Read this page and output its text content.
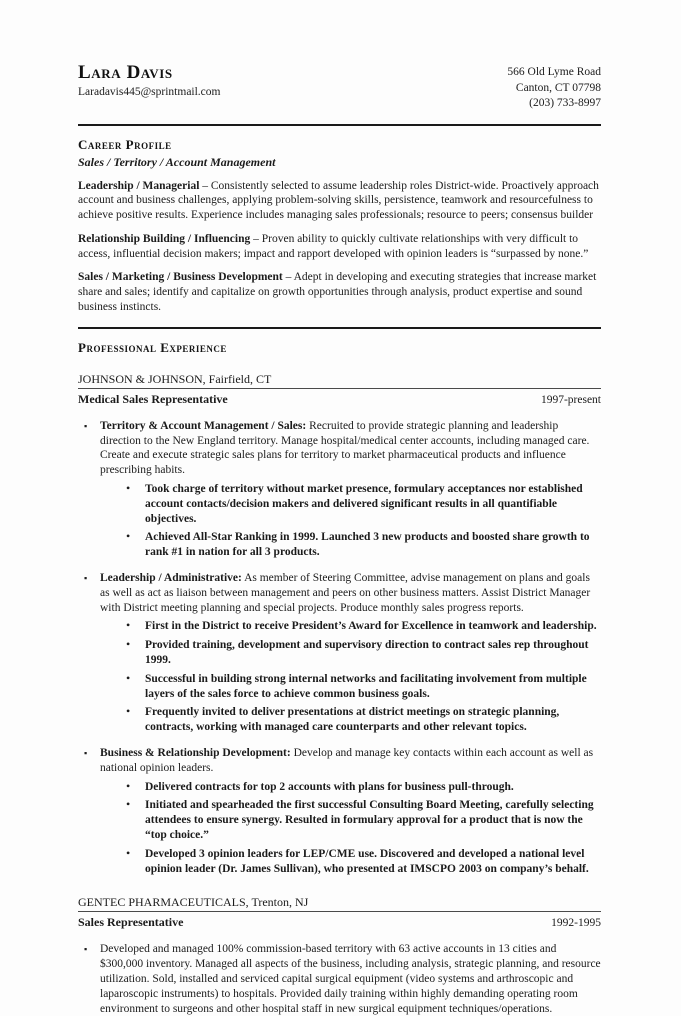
Lara Davis
Laradavis445@sprintmail.com
566 Old Lyme Road
Canton, CT 07798
(203) 733-8997
Career Profile
Sales / Territory / Account Management

Leadership / Managerial – Consistently selected to assume leadership roles District-wide. Proactively approach account and business challenges, applying problem-solving skills, persistence, teamwork and resourcefulness to achieve positive results. Experience includes managing sales professionals; resource to peers; consensus builder

Relationship Building / Influencing – Proven ability to quickly cultivate relationships with very difficult to access, influential decision makers; impact and rapport developed with opinion leaders is “surpassed by none.”

Sales / Marketing / Business Development – Adept in developing and executing strategies that increase market share and sales; identify and capitalize on growth opportunities through analysis, product expertise and sound business instincts.

Professional Experience
JOHNSON & JOHNSON, Fairfield, CT
Medical Sales Representative	1997-present
▪ Territory & Account Management / Sales: Recruited to provide strategic planning and leadership direction to the New England territory. Manage hospital/medical center accounts, including managed care. Create and execute strategic sales plans for territory to market pharmaceutical products and influence prescribing habits.
• Took charge of territory without market presence, formulary acceptances nor established account contacts/decision makers and delivered significant results in all quantifiable objectives.
• Achieved All-Star Ranking in 1999. Launched 3 new products and boosted share growth to rank #1 in nation for all 3 products.
▪ Leadership / Administrative: As member of Steering Committee, advise management on plans and goals as well as act as liaison between management and peers on other business matters. Assist District Manager with District meeting planning and special projects. Produce monthly sales progress reports.
• First in the District to receive President’s Award for Excellence in teamwork and leadership.
• Provided training, development and supervisory direction to contract sales rep throughout 1999.
• Successful in building strong internal networks and facilitating involvement from multiple layers of the sales force to achieve common business goals.
• Frequently invited to deliver presentations at district meetings on strategic planning, contracts, working with managed care counterparts and other relevant topics.
▪ Business & Relationship Development: Develop and manage key contacts within each account as well as national opinion leaders.
• Delivered contracts for top 2 accounts with plans for business pull-through.
• Initiated and spearheaded the first successful Consulting Board Meeting, carefully selecting attendees to ensure synergy. Resulted in formulary approval for a product that is now the “top choice.”
• Developed 3 opinion leaders for LEP/CME use. Discovered and developed a national level opinion leader (Dr. James Sullivan), who presented at IMSCPO 2003 on company’s behalf.
GENTEC PHARMACEUTICALS, Trenton, NJ
Sales Representative	1992-1995
▪ Developed and managed 100% commission-based territory with 63 active accounts in 13 cities and $300,000 inventory. Managed all aspects of the business, including analysis, strategic planning, and resource utilization. Sold, installed and serviced capital surgical equipment (video systems and arthroscopic and laparoscopic instruments) to hospitals. Provided daily training within highly demanding operating room environment to surgeons and other hospital staff in new surgical equipment techniques/operations.
